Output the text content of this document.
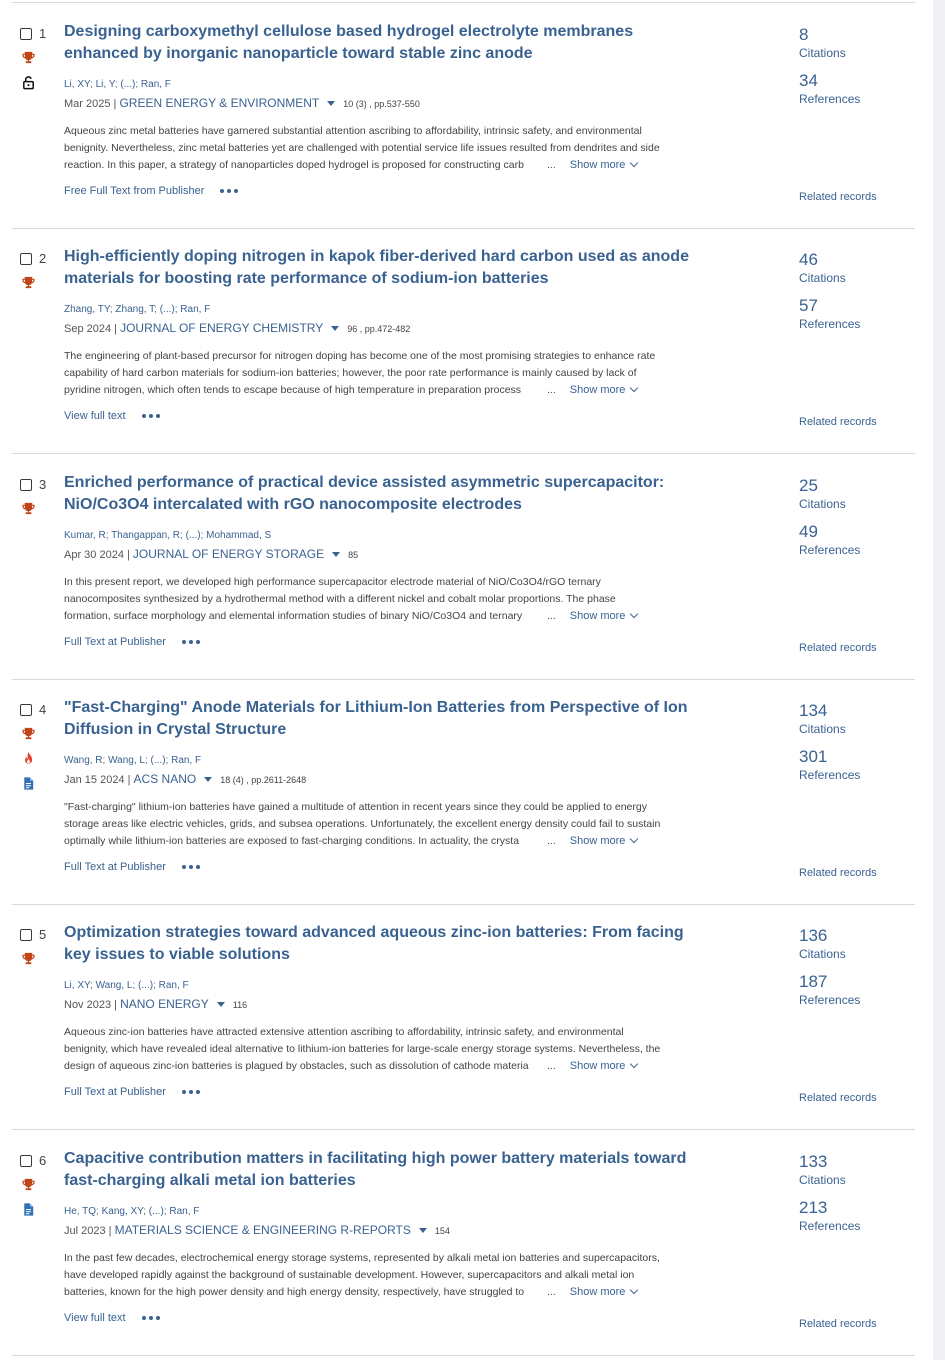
1 Designing carboxymethyl cellulose based hydrogel electrolyte membranes enhanced by inorganic nanoparticle toward stable zinc anode
Li, XY; Li, Y; (...); Ran, F
Mar 2025 | GREEN ENERGY & ENVIRONMENT	10 (3) , pp.537-550
Aqueous zinc metal batteries have garnered substantial attention ascribing to affordability, intrinsic safety, and environmental
benignity. Nevertheless, zinc metal batteries yet are challenged with potential service life issues resulted from dendrites and side
reaction. In this paper, a strategy of nanoparticles doped hydrogel is proposed for constructing carb	... Show more
Free Full Text from Publisher
8
Citations
34
References
Related records
2 High-efficiently doping nitrogen in kapok fiber-derived hard carbon used as anode materials for boosting rate performance of sodium-ion batteries
Zhang, TY; Zhang, T; (...); Ran, F
Sep 2024 | JOURNAL OF ENERGY CHEMISTRY	96 , pp.472-482
The engineering of plant-based precursor for nitrogen doping has become one of the most promising strategies to enhance rate
capability of hard carbon materials for sodium-ion batteries; however, the poor rate performance is mainly caused by lack of
pyridine nitrogen, which often tends to escape because of high temperature in preparation process	... Show more
View full text
46
Citations
57
References
Related records
3 Enriched performance of practical device assisted asymmetric supercapacitor: NiO/Co3O4 intercalated with rGO nanocomposite electrodes
Kumar, R; Thangappan, R; (...); Mohammad, S
Apr 30 2024 | JOURNAL OF ENERGY STORAGE	85
In this present report, we developed high performance supercapacitor electrode material of NiO/Co3O4/rGO ternary
nanocomposites synthesized by a hydrothermal method with a different nickel and cobalt molar proportions. The phase
formation, surface morphology and elemental information studies of binary NiO/Co3O4 and ternary	... Show more
Full Text at Publisher
25
Citations
49
References
Related records
4 "Fast-Charging" Anode Materials for Lithium-Ion Batteries from Perspective of Ion Diffusion in Crystal Structure
Wang, R; Wang, L; (...); Ran, F
Jan 15 2024 | ACS NANO	18 (4) , pp.2611-2648
"Fast-charging" lithium-ion batteries have gained a multitude of attention in recent years since they could be applied to energy
storage areas like electric vehicles, grids, and subsea operations. Unfortunately, the excellent energy density could fail to sustain
optimally while lithium-ion batteries are exposed to fast-charging conditions. In actuality, the crysta	... Show more
Full Text at Publisher
134
Citations
301
References
Related records
5 Optimization strategies toward advanced aqueous zinc-ion batteries: From facing key issues to viable solutions
Li, XY; Wang, L; (...); Ran, F
Nov 2023 | NANO ENERGY	116
Aqueous zinc-ion batteries have attracted extensive attention ascribing to affordability, intrinsic safety, and environmental
benignity, which have revealed ideal alternative to lithium-ion batteries for large-scale energy storage systems. Nevertheless, the
design of aqueous zinc-ion batteries is plagued by obstacles, such as dissolution of cathode materia	... Show more
Full Text at Publisher
136
Citations
187
References
Related records
6 Capacitive contribution matters in facilitating high power battery materials toward fast-charging alkali metal ion batteries
He, TQ; Kang, XY; (...); Ran, F
Jul 2023 | MATERIALS SCIENCE & ENGINEERING R-REPORTS	154
In the past few decades, electrochemical energy storage systems, represented by alkali metal ion batteries and supercapacitors,
have developed rapidly against the background of sustainable development. However, supercapacitors and alkali metal ion
batteries, known for the high power density and high energy density, respectively, have struggled to	... Show more
View full text
133
Citations
213
References
Related records
